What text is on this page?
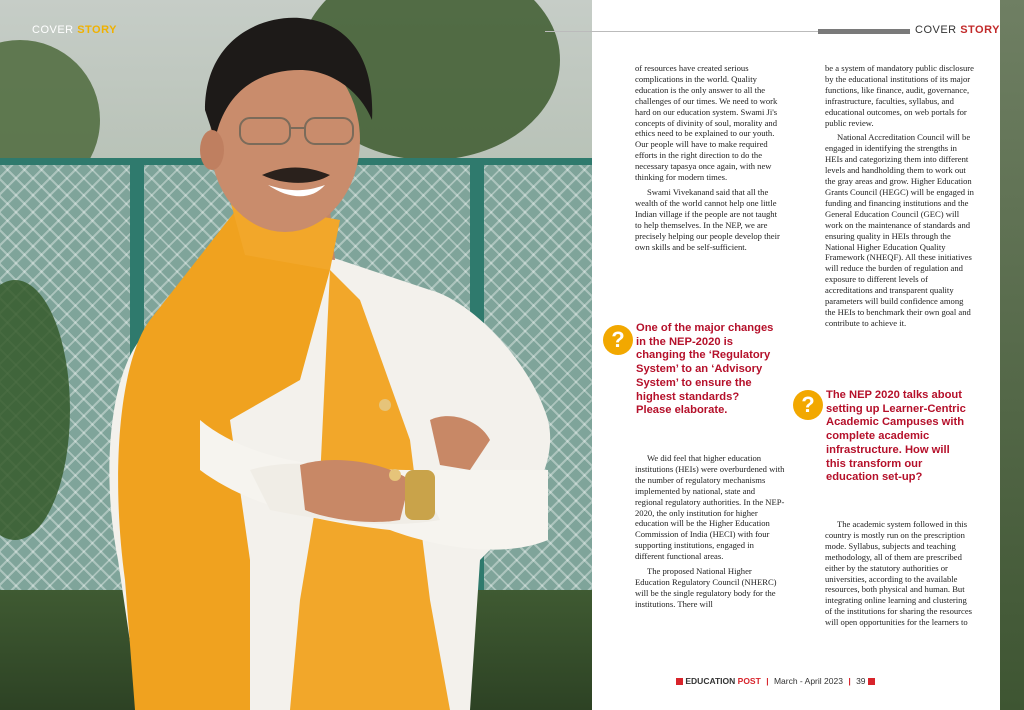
COVER STORY	COVER STORY

of resources have created serious complications in the world. Quality education is the only answer to all the challenges of our times. We need to work hard on our education system. Swami Ji's concepts of divinity of soul, morality and ethics need to be explained to our youth. Our people will have to make required efforts in the right direction to do the necessary tapasya once again, with new thinking for modern times.

Swami Vivekanand said that all the wealth of the world cannot help one little Indian village if the people are not taught to help themselves. In the NEP, we are precisely helping our people develop their own skills and be self-sufficient.

?	One of the major changes in the NEP-2020 is changing the ‘Regulatory System’ to an ‘Advisory System’ to ensure the highest standards? Please elaborate.

We did feel that higher education institutions (HEIs) were overburdened with the number of regulatory mechanisms implemented by national, state and regional regulatory authorities. In the NEP-2020, the only institution for higher education will be the Higher Education Commission of India (HECI) with four supporting institutions, engaged in different functional areas.

The proposed National Higher Education Regulatory Council (NHERC) will be the single regulatory body for the institutions. There will

be a system of mandatory public disclosure by the educational institutions of its major functions, like finance, audit, governance, infrastructure, faculties, syllabus, and educational outcomes, on web portals for public review.

National Accreditation Council will be engaged in identifying the strengths in HEIs and categorizing them into different levels and handholding them to work out the gray areas and grow. Higher Education Grants Council (HEGC) will be engaged in funding and financing institutions and the General Education Council (GEC) will work on the maintenance of standards and ensuring quality in HEIs through the National Higher Education Quality Framework (NHEQF). All these initiatives will reduce the burden of regulation and exposure to different levels of accreditations and transparent quality parameters will build confidence among the HEIs to benchmark their own goal and contribute to achieve it.

?	The NEP 2020 talks about setting up Learner-Centric Academic Campuses with complete academic infrastructure. How will this transform our education set-up?

The academic system followed in this country is mostly run on the prescription mode. Syllabus, subjects and teaching methodology, all of them are prescribed either by the statutory authorities or universities, according to the available resources, both physical and human. But integrating online learning and clustering of the institutions for sharing the resources will open opportunities for the learners to

EDUCATION POST | March - April 2023 | 39
